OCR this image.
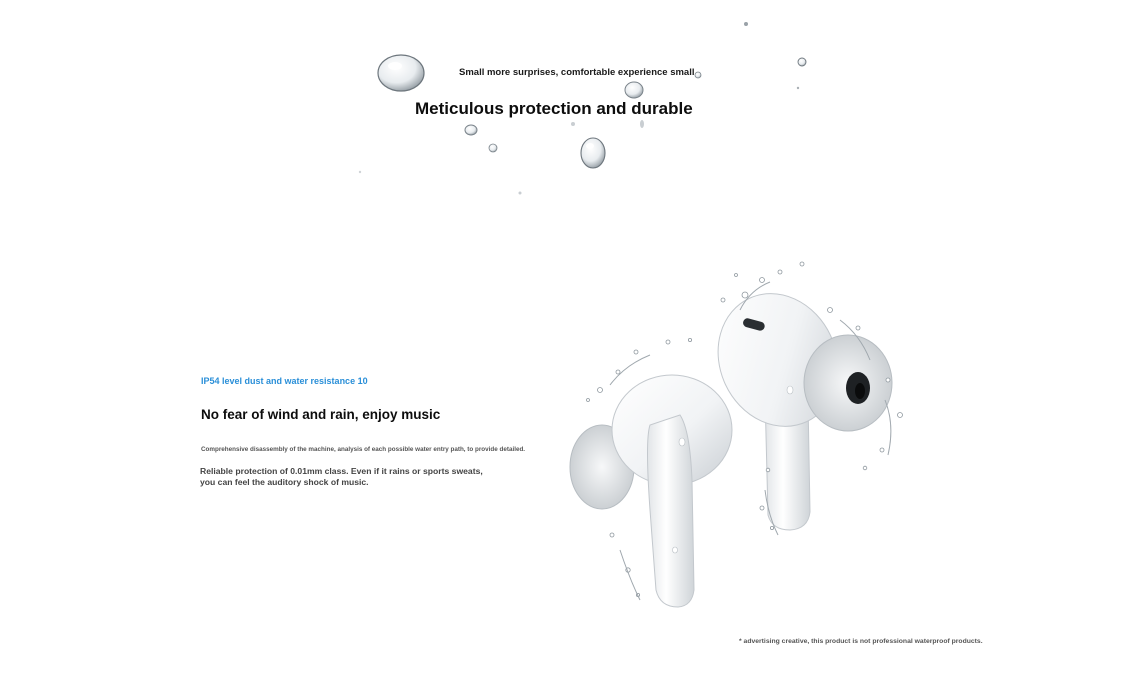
Small more surprises, comfortable experience small
Meticulous protection and durable
IP54 level dust and water resistance 10
No fear of wind and rain, enjoy music
Comprehensive disassembly of the machine, analysis of each possible water entry path, to provide detailed.
Reliable protection of 0.01mm class. Even if it rains or sports sweats,
you can feel the auditory shock of music.
* advertising creative, this product is not professional waterproof products.
